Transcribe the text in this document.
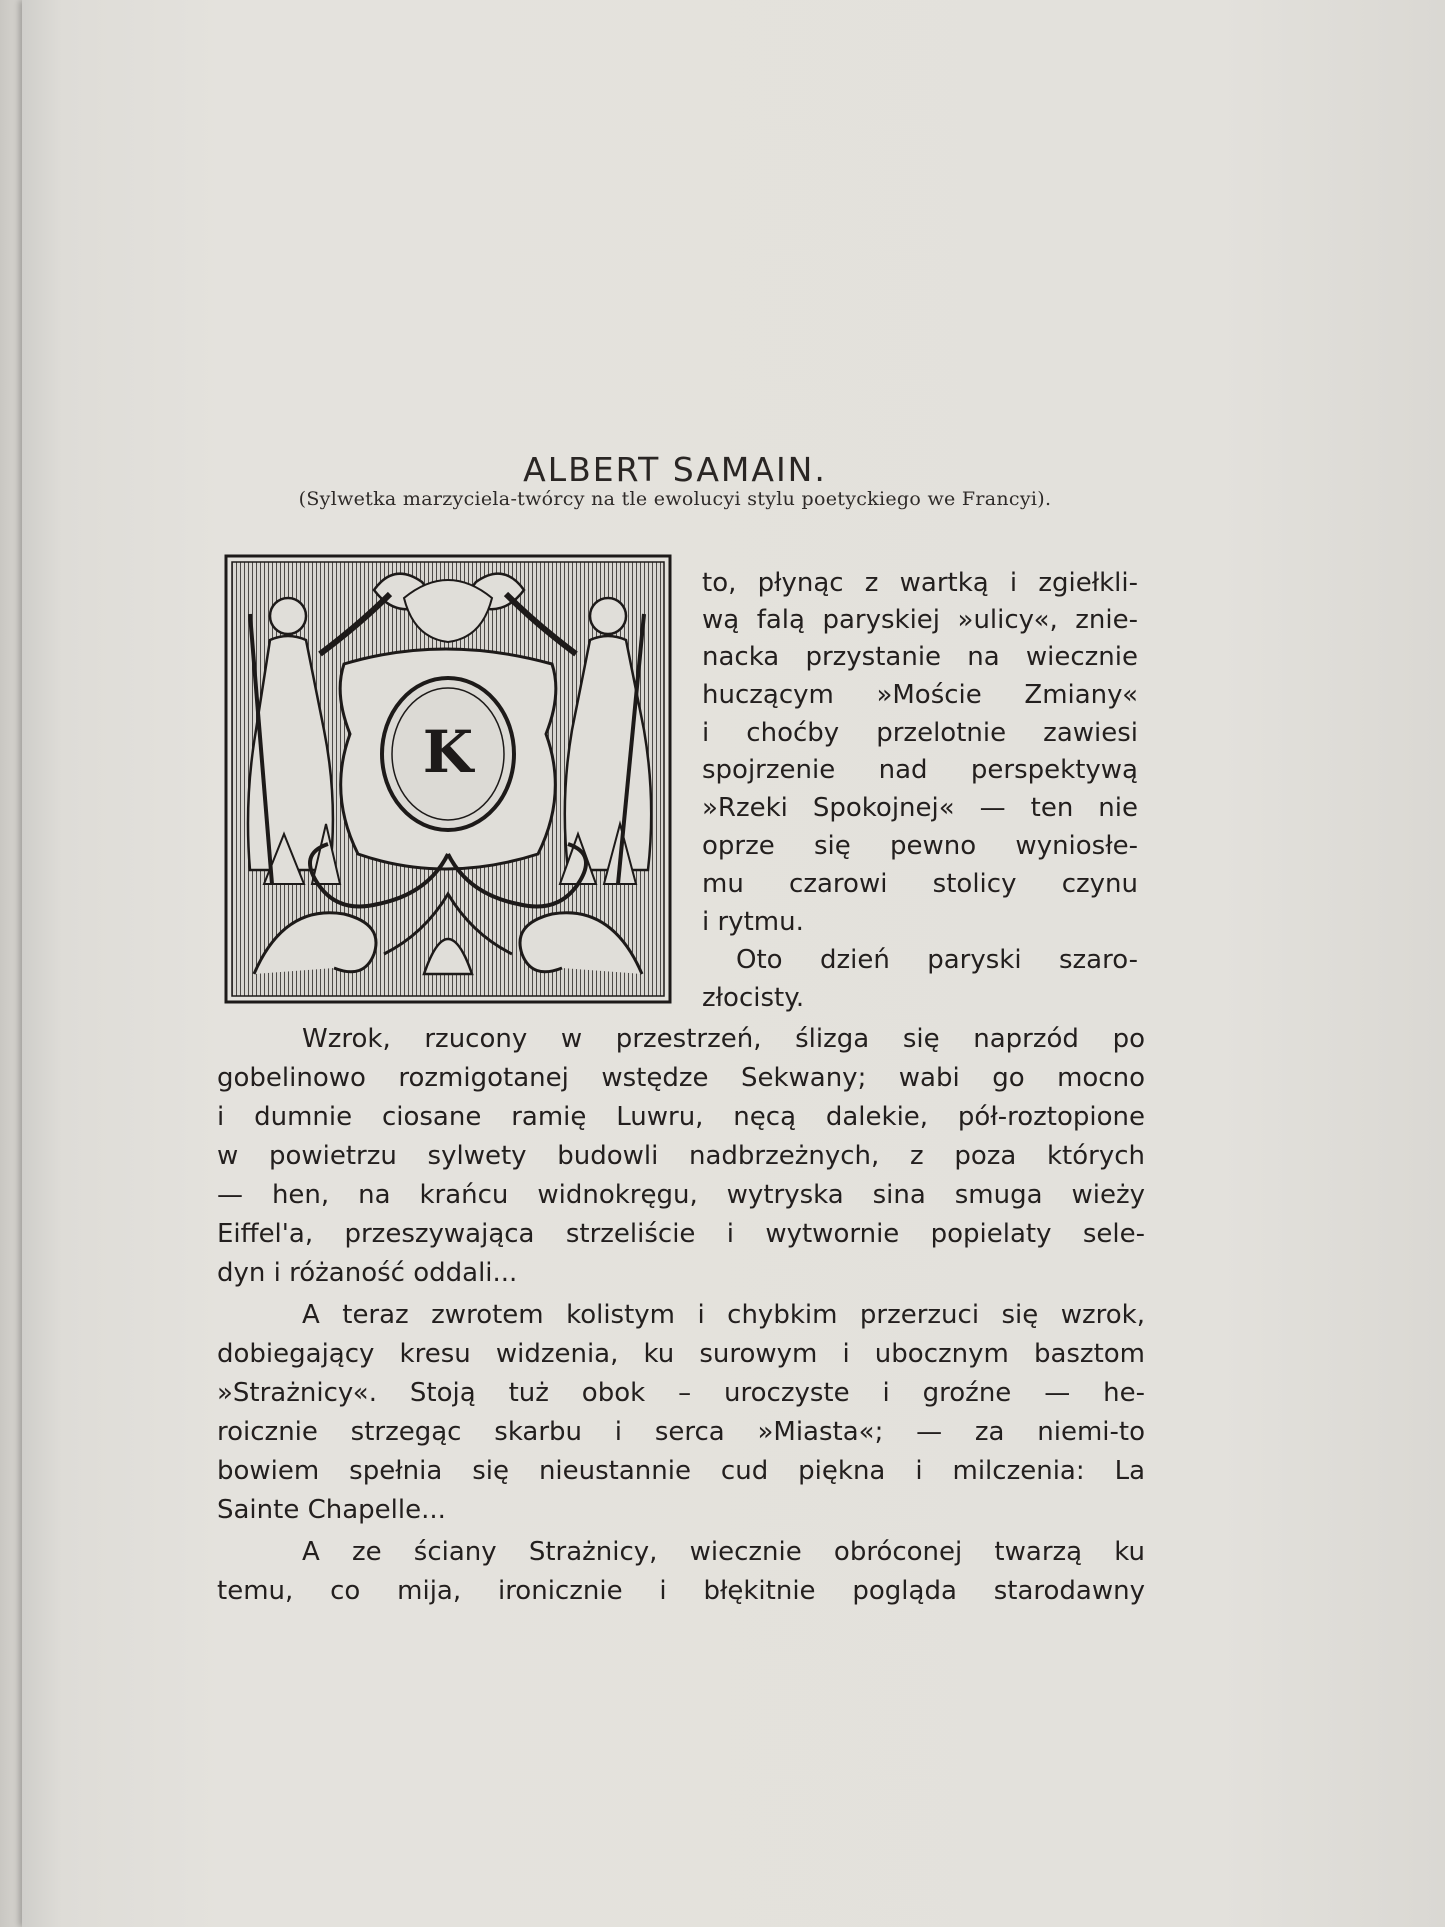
ALBERT SAMAIN.
(Sylwetka marzyciela-twórcy na tle ewolucyi stylu poetyckiego we Francyi).
K
to, płynąc z wartką i zgiełkli-
wą falą paryskiej »ulicy«, znie-
nacka przystanie na wiecznie
huczącym »Moście Zmiany«
i choćby przelotnie zawiesi
spojrzenie nad perspektywą
»Rzeki Spokojnej« — ten nie
oprze się pewno wyniosłe-
mu czarowi stolicy czynu
i rytmu.
Oto dzień paryski szaro-
złocisty.
Wzrok, rzucony w przestrzeń, ślizga się naprzód po
gobelinowo rozmigotanej wstędze Sekwany; wabi go mocno
i dumnie ciosane ramię Luwru, nęcą dalekie, pół-roztopione
w powietrzu sylwety budowli nadbrzeżnych, z poza których
— hen, na krańcu widnokręgu, wytryska sina smuga wieży
Eiffel'a, przeszywająca strzeliście i wytwornie popielaty sele-
dyn i różaność oddali...
A teraz zwrotem kolistym i chybkim przerzuci się wzrok,
dobiegający kresu widzenia, ku surowym i ubocznym basztom
»Strażnicy«. Stoją tuż obok – uroczyste i groźne — he-
roicznie strzegąc skarbu i serca »Miasta«; — za niemi-to
bowiem spełnia się nieustannie cud piękna i milczenia: La
Sainte Chapelle...
A ze ściany Strażnicy, wiecznie obróconej twarzą ku
temu, co mija, ironicznie i błękitnie pogląda starodawny
